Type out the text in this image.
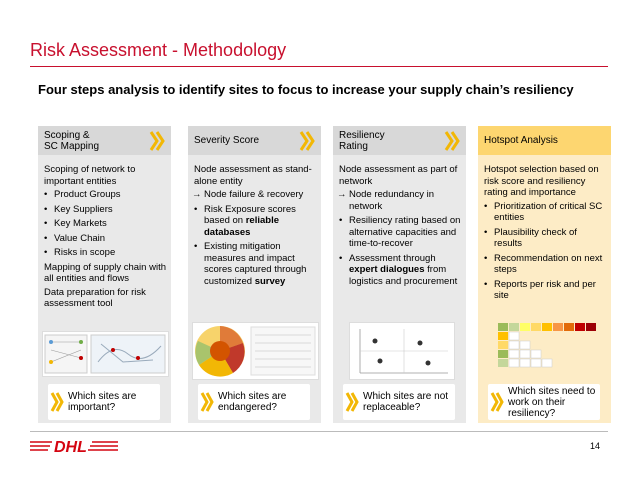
Risk Assessment - Methodology
Four steps analysis to identify sites to focus to increase your supply chain’s resiliency
Scoping &
SC Mapping

Scoping of network to important entities

• Product Groups
• Key Suppliers
• Key Markets
• Value Chain
• Risks in scope

Mapping of supply chain with all entities and flows

Data preparation for risk assessment tool

Which sites are important?
Severity Score

Node assessment as stand-alone entity

→ Node failure & recovery
• Risk Exposure scores based on reliable databases
• Existing mitigation measures and impact scores captured through customized survey
Which sites are endangered?
Resiliency
Rating

Node assessment as part of network

→ Node redundancy in network
• Resiliency rating based on alternative capacities and time-to-recover
• Assessment through expert dialogues from logistics and procurement
Which sites are not replaceable?
Hotspot Analysis

Hotspot selection based on risk score and resiliency rating and importance

• Prioritization of critical SC entities
• Plausibility check of results
• Recommendation on next steps
• Reports per risk and per site
Which sites need to work on their resiliency?
DHL	14
